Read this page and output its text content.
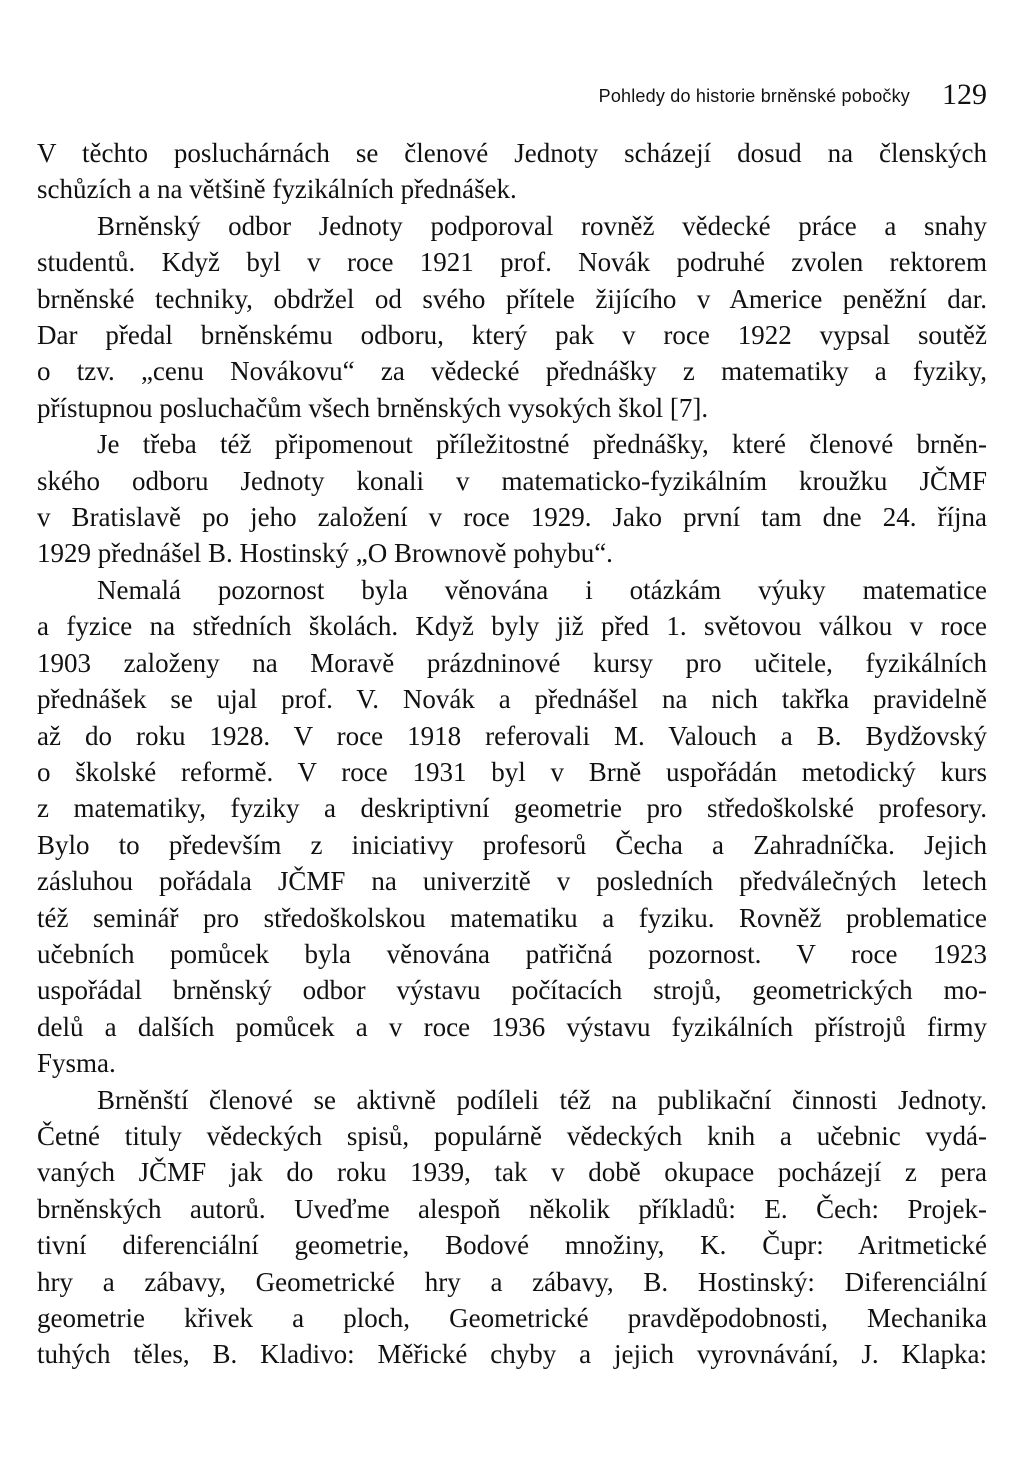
Pohledy do historie brněnské pobočky 129
V těchto posluchárnách se členové Jednoty scházejí dosud na členských
schůzích a na většině fyzikálních přednášek.
Brněnský odbor Jednoty podporoval rovněž vědecké práce a snahy
studentů. Když byl v roce 1921 prof. Novák podruhé zvolen rektorem
brněnské techniky, obdržel od svého přítele žijícího v Americe peněžní dar.
Dar předal brněnskému odboru, který pak v roce 1922 vypsal soutěž
o tzv. „cenu Novákovu“ za vědecké přednášky z matematiky a fyziky,
přístupnou posluchačům všech brněnských vysokých škol [7].
Je třeba též připomenout příležitostné přednášky, které členové brněn-
ského odboru Jednoty konali v matematicko-fyzikálním kroužku JČMF
v Bratislavě po jeho založení v roce 1929. Jako první tam dne 24. října
1929 přednášel B. Hostinský „O Brownově pohybu“.
Nemalá pozornost byla věnována i otázkám výuky matematice
a fyzice na středních školách. Když byly již před 1. světovou válkou v roce
1903 založeny na Moravě prázdninové kursy pro učitele, fyzikálních
přednášek se ujal prof. V. Novák a přednášel na nich takřka pravidelně
až do roku 1928. V roce 1918 referovali M. Valouch a B. Bydžovský
o školské reformě. V roce 1931 byl v Brně uspořádán metodický kurs
z matematiky, fyziky a deskriptivní geometrie pro středoškolské profesory.
Bylo to především z iniciativy profesorů Čecha a Zahradníčka. Jejich
zásluhou pořádala JČMF na univerzitě v posledních předválečných letech
též seminář pro středoškolskou matematiku a fyziku. Rovněž problematice
učebních pomůcek byla věnována patřičná pozornost. V roce 1923
uspořádal brněnský odbor výstavu počítacích strojů, geometrických mo-
delů a dalších pomůcek a v roce 1936 výstavu fyzikálních přístrojů firmy
Fysma.
Brněnští členové se aktivně podíleli též na publikační činnosti Jednoty.
Četné tituly vědeckých spisů, populárně vědeckých knih a učebnic vydá-
vaných JČMF jak do roku 1939, tak v době okupace pocházejí z pera
brněnských autorů. Uveďme alespoň několik příkladů: E. Čech: Projek-
tivní diferenciální geometrie, Bodové množiny, K. Čupr: Aritmetické
hry a zábavy, Geometrické hry a zábavy, B. Hostinský: Diferenciální
geometrie křivek a ploch, Geometrické pravděpodobnosti, Mechanika
tuhých těles, B. Kladivo: Měřické chyby a jejich vyrovnávání, J. Klapka:
